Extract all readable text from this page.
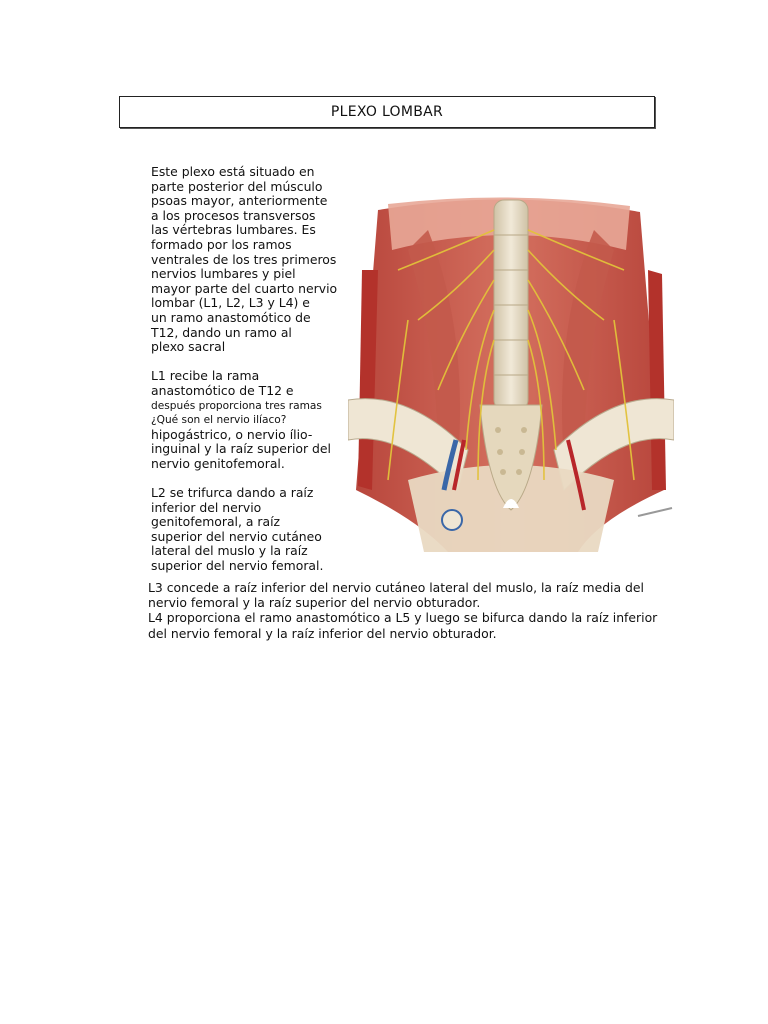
PLEXO LOMBAR

Este plexo está situado en

parte posterior del músculo

psoas mayor, anteriormente

a los procesos transversos

las vértebras lumbares. Es

formado por los ramos

ventrales de los tres primeros

nervios lumbares y piel

mayor parte del cuarto nervio

lombar (L1, L2, L3 y L4) e

un ramo anastomótico de

T12, dando un ramo al

plexo sacral

L1 recibe la rama

anastomótico de T12 e

después proporciona tres ramas

¿Qué son el nervio ilíaco?

hipogástrico, o nervio ílio-

inguinal y la raíz superior del

nervio genitofemoral.

L2 se trifurca dando a raíz

inferior del nervio

genitofemoral, a raíz

superior del nervio cutáneo

lateral del muslo y la raíz

superior del nervio femoral.

L3 concede a raíz inferior del nervio cutáneo lateral del muslo, la raíz media del nervio femoral y la raíz superior del nervio obturador.

L4 proporciona el ramo anastomótico a L5 y luego se bifurca dando la raíz inferior del nervio femoral y la raíz inferior del nervio obturador.
